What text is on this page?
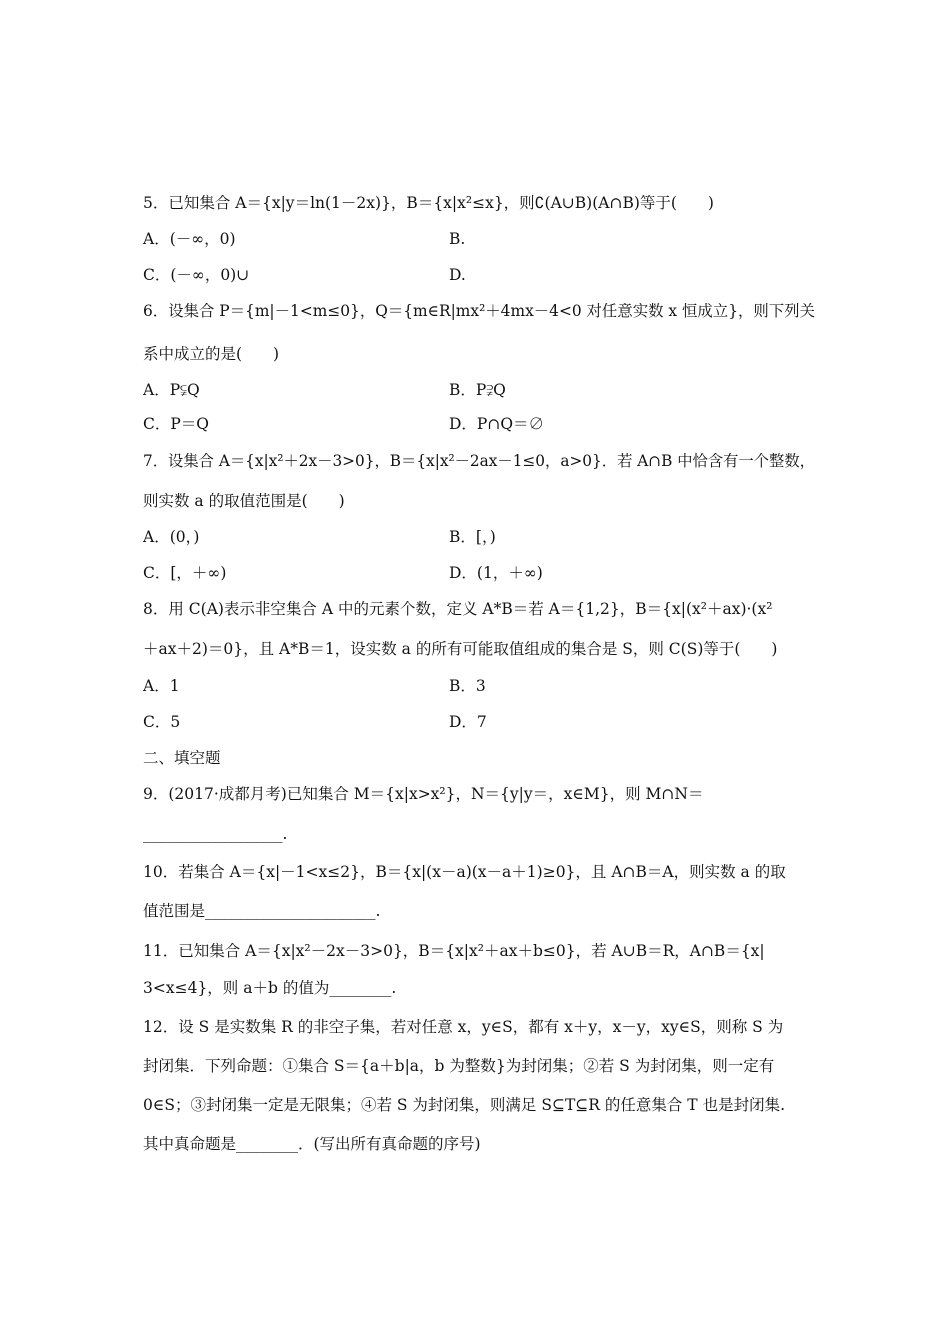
5．已知集合 A＝{x|y＝ln(1－2x)}，B＝{x|x²≤x}，则∁(A∪B)(A∩B)等于(　　)
A．(－∞，0)	B.
C．(－∞，0)∪	D.
6．设集合 P＝{m|－1<m≤0}，Q＝{m∈R|mx²＋4mx－4<0 对任意实数 x 恒成立}，则下列关
系中成立的是(　　)
A．P⫋Q	B．P⫌Q
C．P＝Q	D．P∩Q＝∅
7．设集合 A＝{x|x²＋2x－3>0}，B＝{x|x²－2ax－1≤0，a>0}．若 A∩B 中恰含有一个整数，
则实数 a 的取值范围是(　　)
A．(0，)	B．[，)
C．[，＋∞)	D．(1，＋∞)
8．用 C(A)表示非空集合 A 中的元素个数，定义 A*B＝若 A＝{1,2}，B＝{x|(x²＋ax)·(x²
＋ax＋2)＝0}，且 A*B＝1，设实数 a 的所有可能取值组成的集合是 S，则 C(S)等于(　　)
A．1	B．3
C．5	D．7
二、填空题
9．(2017·成都月考)已知集合 M＝{x|x>x²}，N＝{y|y＝，x∈M}，则 M∩N＝
__________________.
10．若集合 A＝{x|－1<x≤2}，B＝{x|(x－a)(x－a＋1)≥0}，且 A∩B＝A，则实数 a 的取
值范围是______________________.
11．已知集合 A＝{x|x²－2x－3>0}，B＝{x|x²＋ax＋b≤0}，若 A∪B＝R，A∩B＝{x|
3<x≤4}，则 a＋b 的值为________.
12．设 S 是实数集 R 的非空子集，若对任意 x，y∈S，都有 x＋y，x－y，xy∈S，则称 S 为
封闭集．下列命题：①集合 S＝{a＋b|a，b 为整数}为封闭集；②若 S 为封闭集，则一定有
0∈S；③封闭集一定是无限集；④若 S 为封闭集，则满足 S⊆T⊆R 的任意集合 T 也是封闭集.
其中真命题是________．(写出所有真命题的序号)
